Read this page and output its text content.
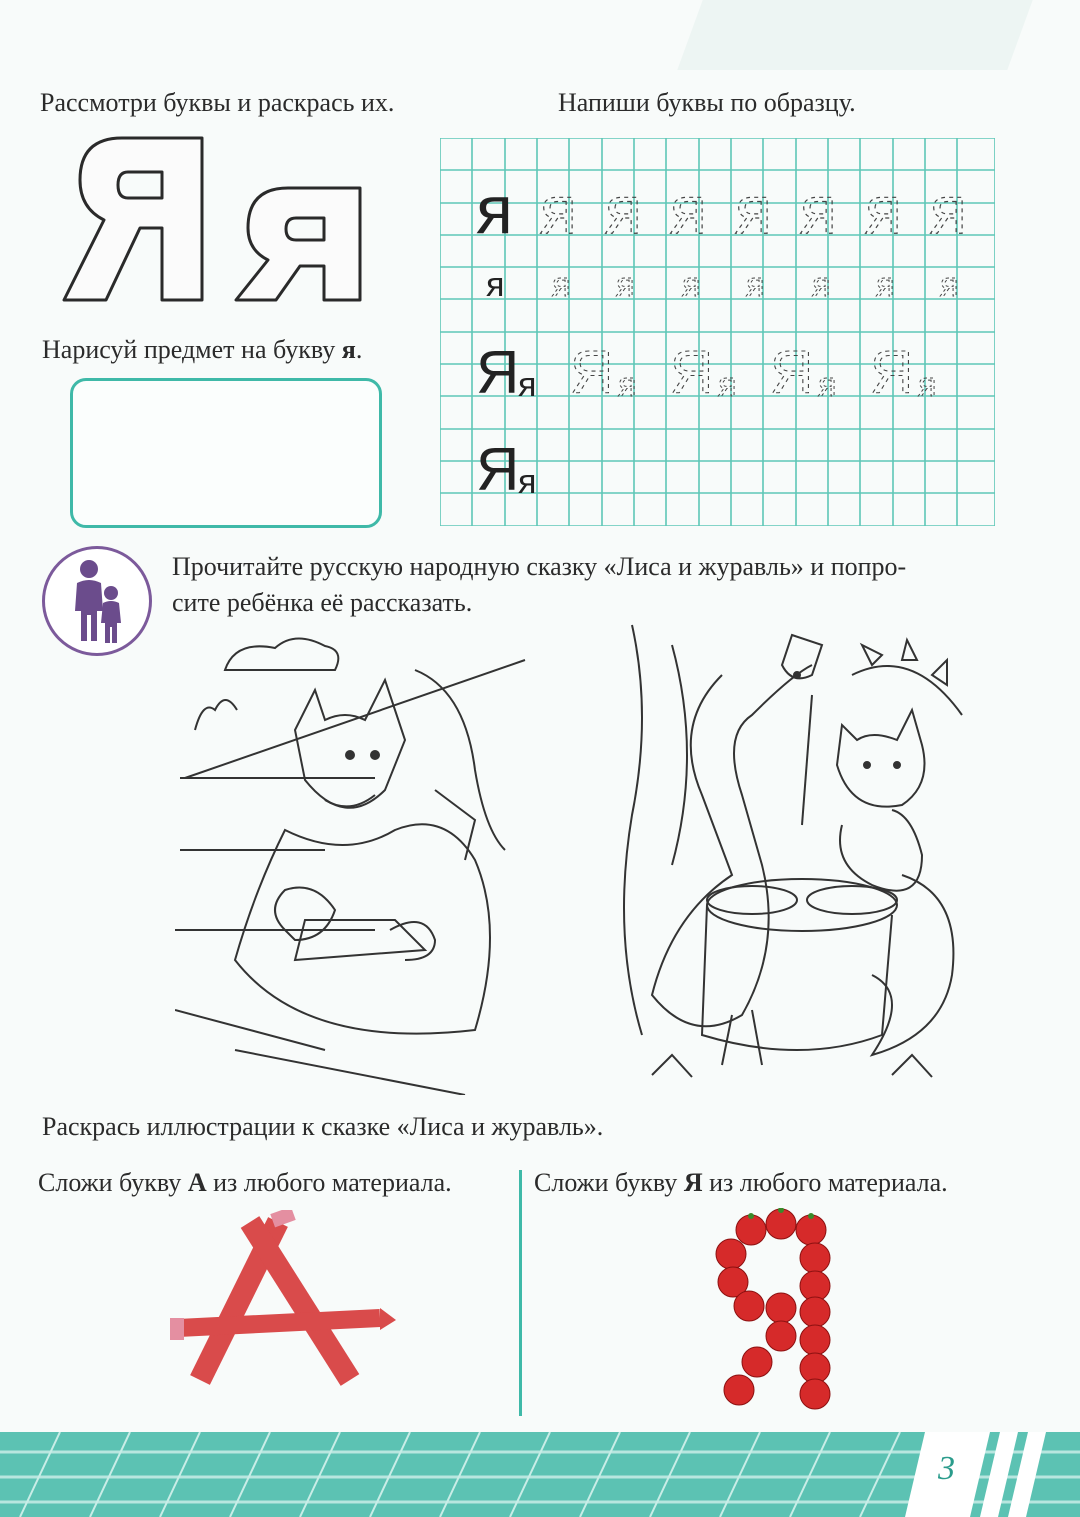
Рассмотри буквы и раскрась их.
Яя
Нарисуй предмет на букву я.
Напиши буквы по образцу.
я я я я я я я я
я я я я я я я я
Я
я Я Я Я Я
я я я я
Я
я
Прочитайте русскую народную сказку «Лиса и журавль» и попро-
сите ребёнка её рассказать.
Раскрась иллюстрации к сказке «Лиса и журавль».
Сложи букву А из любого материала.	Сложи букву Я из любого материала.
3
